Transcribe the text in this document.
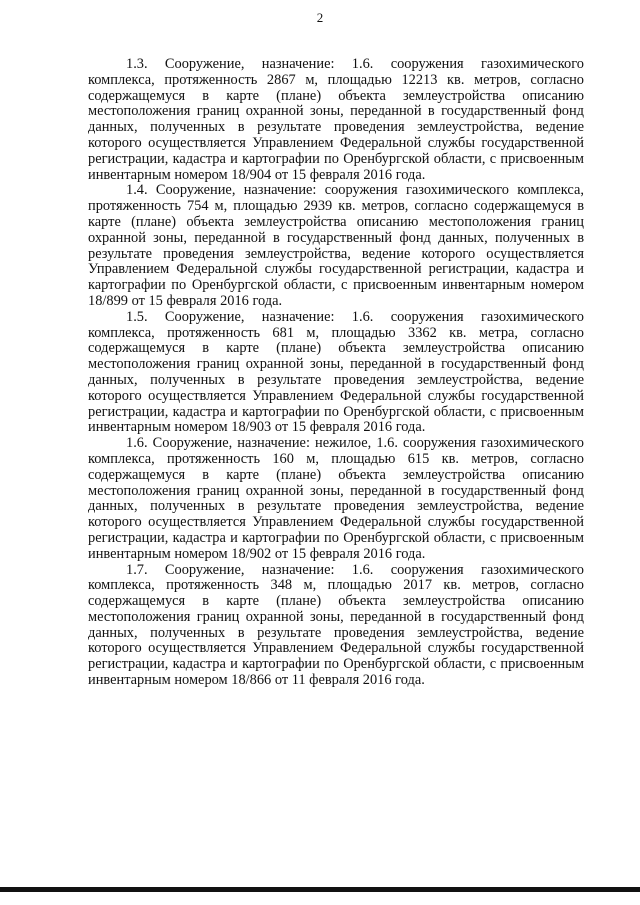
2

1.3. Сооружение, назначение: 1.6. сооружения газохимического комплекса, протяженность 2867 м, площадью 12213 кв. метров, согласно содержащемуся в карте (плане) объекта землеустройства описанию местоположения границ охранной зоны, переданной в государственный фонд данных, полученных в результате проведения землеустройства, ведение которого осуществляется Управлением Федеральной службы государственной регистрации, кадастра и картографии по Оренбургской области, с присвоенным инвентарным номером 18/904 от 15 февраля 2016 года.

1.4. Сооружение, назначение: сооружения газохимического комплекса, протяженность 754 м, площадью 2939 кв. метров, согласно содержащемуся в карте (плане) объекта землеустройства описанию местоположения границ охранной зоны, переданной в государственный фонд данных, полученных в результате проведения землеустройства, ведение которого осуществляется Управлением Федеральной службы государственной регистрации, кадастра и картографии по Оренбургской области, с присвоенным инвентарным номером 18/899 от 15 февраля 2016 года.

1.5. Сооружение, назначение: 1.6. сооружения газохимического комплекса, протяженность 681 м, площадью 3362 кв. метра, согласно содержащемуся в карте (плане) объекта землеустройства описанию местоположения границ охранной зоны, переданной в государственный фонд данных, полученных в результате проведения землеустройства, ведение которого осуществляется Управлением Федеральной службы государственной регистрации, кадастра и картографии по Оренбургской области, с присвоенным инвентарным номером 18/903 от 15 февраля 2016 года.

1.6. Сооружение, назначение: нежилое, 1.6. сооружения газохимического комплекса, протяженность 160 м, площадью 615 кв. метров, согласно содержащемуся в карте (плане) объекта землеустройства описанию местоположения границ охранной зоны, переданной в государственный фонд данных, полученных в результате проведения землеустройства, ведение которого осуществляется Управлением Федеральной службы государственной регистрации, кадастра и картографии по Оренбургской области, с присвоенным инвентарным номером 18/902 от 15 февраля 2016 года.

1.7. Сооружение, назначение: 1.6. сооружения газохимического комплекса, протяженность 348 м, площадью 2017 кв. метров, согласно содержащемуся в карте (плане) объекта землеустройства описанию местоположения границ охранной зоны, переданной в государственный фонд данных, полученных в результате проведения землеустройства, ведение которого осуществляется Управлением Федеральной службы государственной регистрации, кадастра и картографии по Оренбургской области, с присвоенным инвентарным номером 18/866 от 11 февраля 2016 года.
